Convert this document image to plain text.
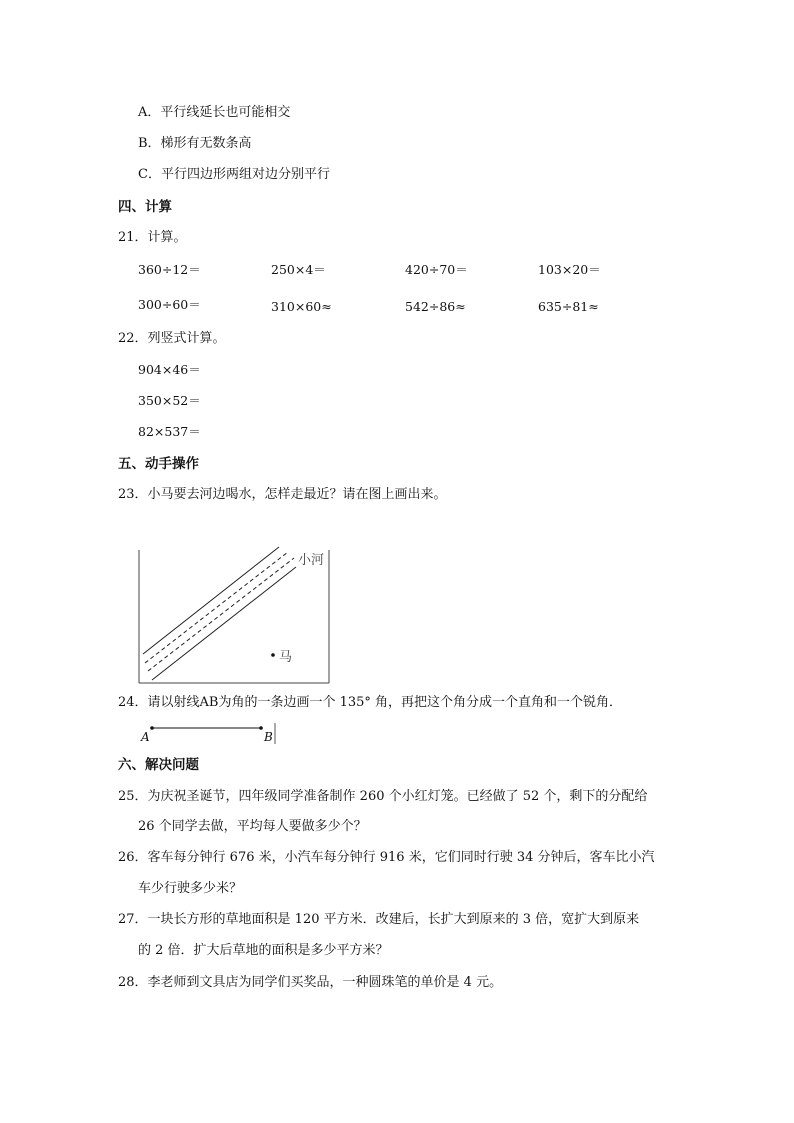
A．平行线延长也可能相交
B．梯形有无数条高
C．平行四边形两组对边分别平行
四、计算
21．计算。
360÷12＝	250×4＝	420÷70＝	103×20＝
300÷60＝	310×60≈	542÷86≈	635÷81≈
22．列竖式计算。
904×46＝
350×52＝
82×537＝
五、动手操作
23．小马要去河边喝水，怎样走最近？请在图上画出来。
小河
马
24．请以射线AB为角的一条边画一个 135° 角，再把这个角分成一个直角和一个锐角．
A	B
六、解决问题
25．为庆祝圣诞节，四年级同学准备制作 260 个小红灯笼。已经做了 52 个，剩下的分配给
26 个同学去做，平均每人要做多少个？
26．客车每分钟行 676 米，小汽车每分钟行 916 米，它们同时行驶 34 分钟后，客车比小汽
车少行驶多少米？
27．一块长方形的草地面积是 120 平方米．改建后，长扩大到原来的 3 倍，宽扩大到原来
的 2 倍．扩大后草地的面积是多少平方米？
28．李老师到文具店为同学们买奖品，一种圆珠笔的单价是 4 元。
